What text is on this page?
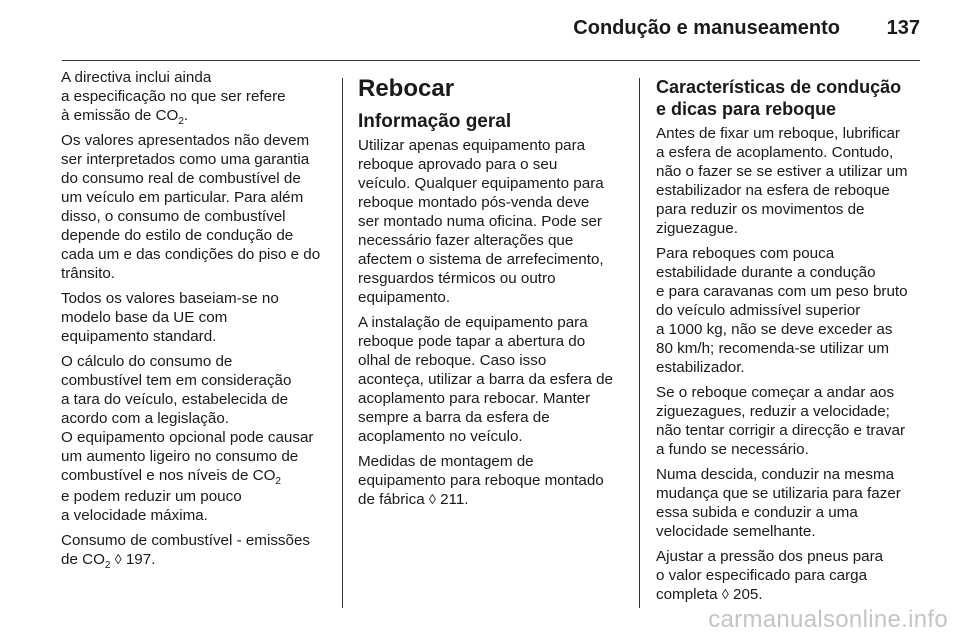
Condução e manuseamento 137

A directiva inclui ainda
a especificação no que ser refere
à emissão de $CO_2$.

Os valores apresentados não devem
ser interpretados como uma garantia
do consumo real de combustível de
um veículo em particular. Para além
disso, o consumo de combustível
depende do estilo de condução de
cada um e das condições do piso e do
trânsito.

Todos os valores baseiam-se no
modelo base da UE com
equipamento standard.

O cálculo do consumo de
combustível tem em consideração
a tara do veículo, estabelecida de
acordo com a legislação.
O equipamento opcional pode causar
um aumento ligeiro no consumo de
combustível e nos níveis de $CO_2$

e podem reduzir um pouco
a velocidade máxima.

Consumo de combustível - emissões
de $CO_2$ ◊ 197.

Rebocar
Informação geral

Utilizar apenas equipamento para
reboque aprovado para o seu
veículo. Qualquer equipamento para
reboque montado pós-venda deve
ser montado numa oficina. Pode ser
necessário fazer alterações que
afectem o sistema de arrefecimento,
resguardos térmicos ou outro
equipamento.

A instalação de equipamento para
reboque pode tapar a abertura do
olhal de reboque. Caso isso
aconteça, utilizar a barra da esfera de
acoplamento para rebocar. Manter
sempre a barra da esfera de
acoplamento no veículo.

Medidas de montagem de
equipamento para reboque montado
de fábrica ◊ 211.

Características de condução
e dicas para reboque

Antes de fixar um reboque, lubrificar
a esfera de acoplamento. Contudo,
não o fazer se se estiver a utilizar um
estabilizador na esfera de reboque
para reduzir os movimentos de
ziguezague.

Para reboques com pouca
estabilidade durante a condução
e para caravanas com um peso bruto
do veículo admissível superior
a 1000 kg, não se deve exceder as
80 km/h; recomenda-se utilizar um
estabilizador.

Se o reboque começar a andar aos
ziguezagues, reduzir a velocidade;
não tentar corrigir a direcção e travar
a fundo se necessário.

Numa descida, conduzir na mesma
mudança que se utilizaria para fazer
essa subida e conduzir a uma
velocidade semelhante.

Ajustar a pressão dos pneus para
o valor especificado para carga
completa ◊ 205.

carmanualsonline.info
